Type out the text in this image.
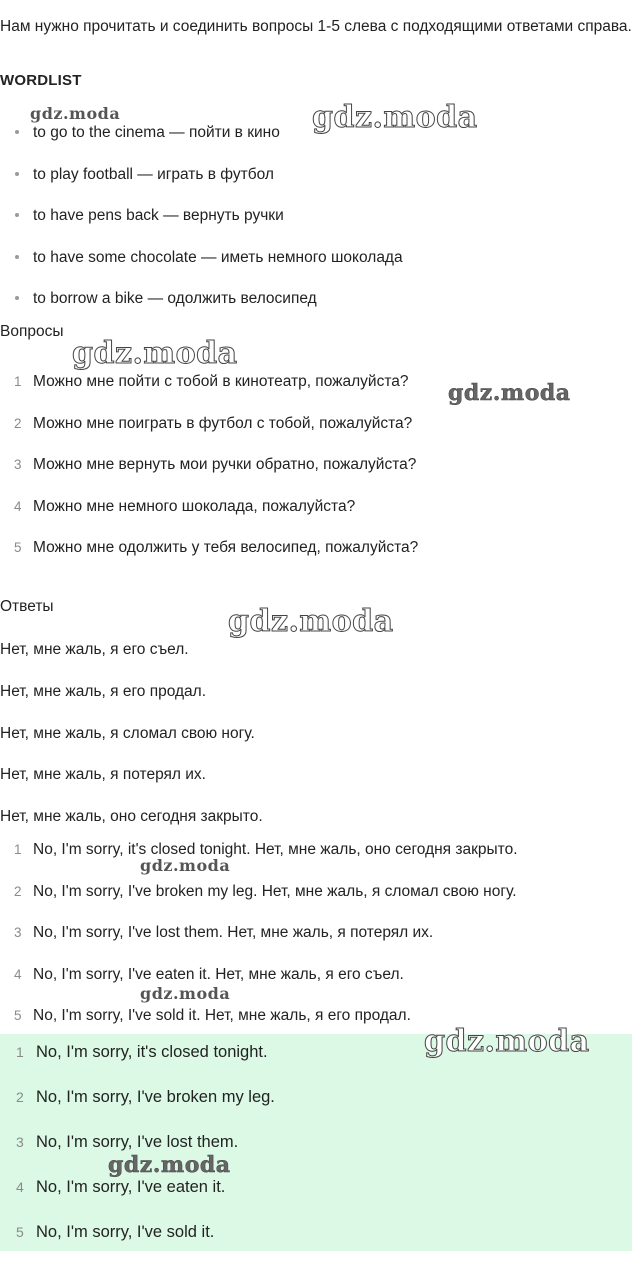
Нам нужно прочитать и соединить вопросы 1-5 слева с подходящими ответами справа.

WORDLIST
to go to the cinema — пойти в кино
to play football — играть в футбол
to have pens back — вернуть ручки
to have some chocolate — иметь немного шоколада
to borrow a bike — одолжить велосипед
Вопросы
1 Можно мне пойти с тобой в кинотеатр, пожалуйста?
2 Можно мне поиграть в футбол с тобой, пожалуйста?
3 Можно мне вернуть мои ручки обратно, пожалуйста?
4 Можно мне немного шоколада, пожалуйста?
5 Можно мне одолжить у тебя велосипед, пожалуйста?
Ответы
Нет, мне жаль, я его съел.
Нет, мне жаль, я его продал.
Нет, мне жаль, я сломал свою ногу.
Нет, мне жаль, я потерял их.
Нет, мне жаль, оно сегодня закрыто.
1 No, I'm sorry, it's closed tonight. Нет, мне жаль, оно сегодня закрыто.
2 No, I'm sorry, I've broken my leg. Нет, мне жаль, я сломал свою ногу.
3 No, I'm sorry, I've lost them. Нет, мне жаль, я потерял их.
4 No, I'm sorry, I've eaten it. Нет, мне жаль, я его съел.
5 No, I'm sorry, I've sold it. Нет, мне жаль, я его продал.
1 No, I'm sorry, it's closed tonight.
2 No, I'm sorry, I've broken my leg.
3 No, I'm sorry, I've lost them.
4 No, I'm sorry, I've eaten it.
5 No, I'm sorry, I've sold it.
gdz.moda	gdz.moda
gdz.moda
gdz.moda
gdz.moda
gdz.moda
gdz.moda
gdz.moda
gdz.moda
